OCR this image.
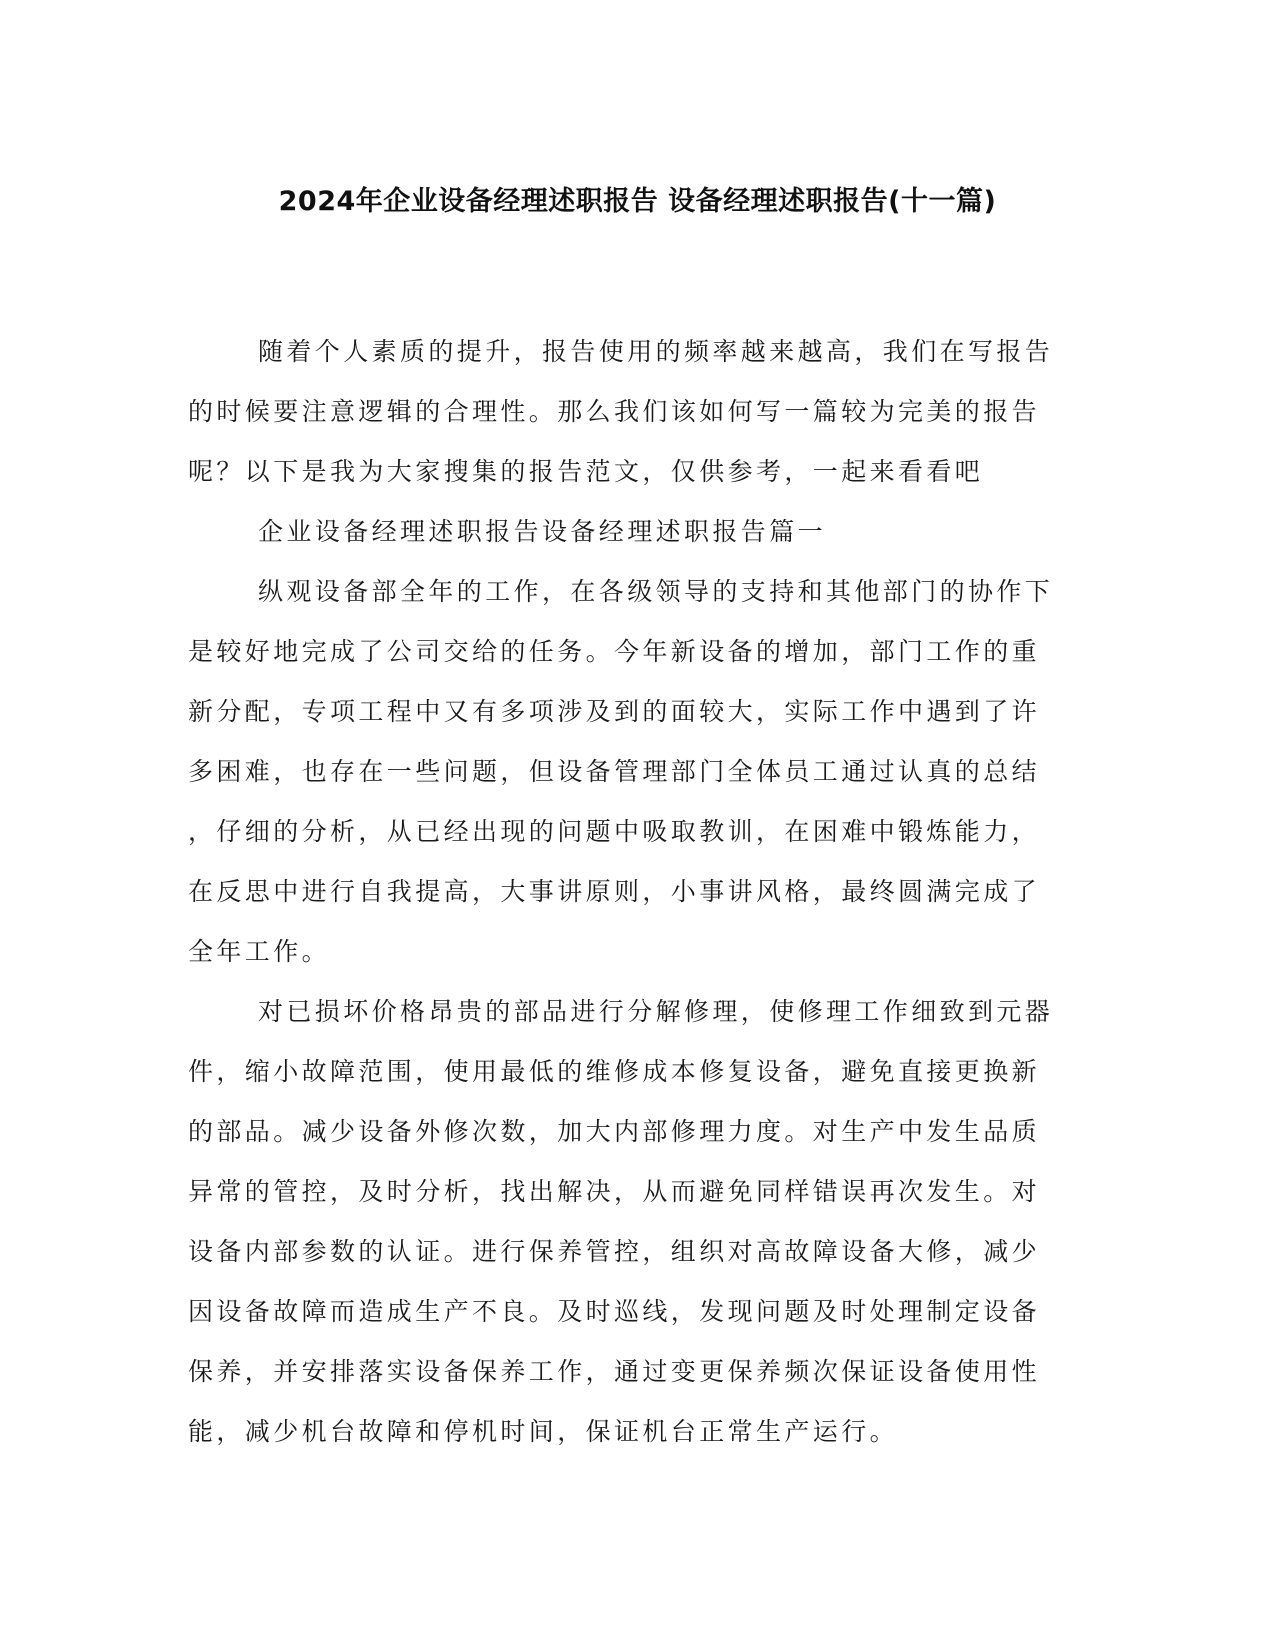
2024年企业设备经理述职报告 设备经理述职报告(十一篇)
随着个人素质的提升，报告使用的频率越来越高，我们在写报告
的时候要注意逻辑的合理性。那么我们该如何写一篇较为完美的报告
呢？以下是我为大家搜集的报告范文，仅供参考，一起来看看吧
企业设备经理述职报告设备经理述职报告篇一
纵观设备部全年的工作，在各级领导的支持和其他部门的协作下
是较好地完成了公司交给的任务。今年新设备的增加，部门工作的重
新分配，专项工程中又有多项涉及到的面较大，实际工作中遇到了许
多困难，也存在一些问题，但设备管理部门全体员工通过认真的总结
，仔细的分析，从已经出现的问题中吸取教训，在困难中锻炼能力，
在反思中进行自我提高，大事讲原则，小事讲风格，最终圆满完成了
全年工作。
对已损坏价格昂贵的部品进行分解修理，使修理工作细致到元器
件，缩小故障范围，使用最低的维修成本修复设备，避免直接更换新
的部品。减少设备外修次数，加大内部修理力度。对生产中发生品质
异常的管控，及时分析，找出解决，从而避免同样错误再次发生。对
设备内部参数的认证。进行保养管控，组织对高故障设备大修，减少
因设备故障而造成生产不良。及时巡线，发现问题及时处理制定设备
保养，并安排落实设备保养工作，通过变更保养频次保证设备使用性
能，减少机台故障和停机时间，保证机台正常生产运行。
